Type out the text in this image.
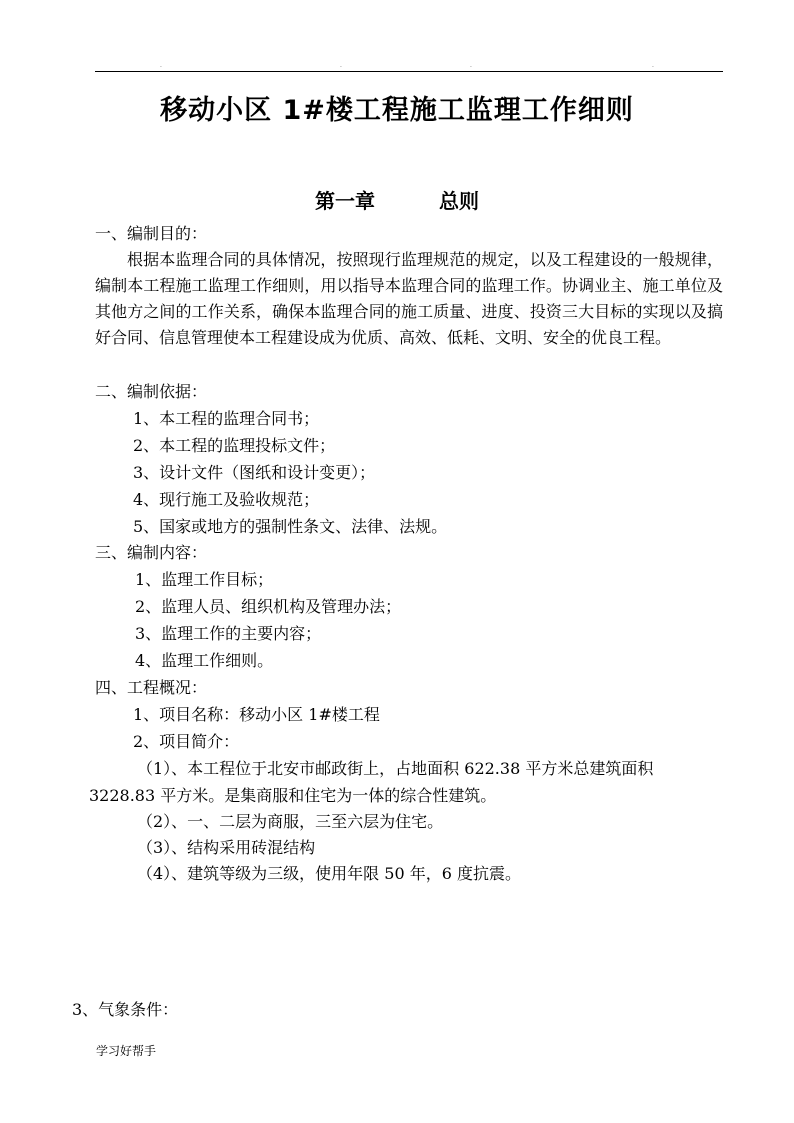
.	.	.	.
移动小区 1#楼工程施工监理工作细则
第一章	总则
一、编制目的：
根据本监理合同的具体情况，按照现行监理规范的规定，以及工程建设的一般规律，编制本工程施工监理工作细则，用以指导本监理合同的监理工作。协调业主、施工单位及其他方之间的工作关系，确保本监理合同的施工质量、进度、投资三大目标的实现以及搞好合同、信息管理使本工程建设成为优质、高效、低耗、文明、安全的优良工程。
二、编制依据：
1、本工程的监理合同书；
2、本工程的监理投标文件；
3、设计文件（图纸和设计变更）；
4、现行施工及验收规范；
5、国家或地方的强制性条文、法律、法规。
三、编制内容：
1、监理工作目标；
2、监理人员、组织机构及管理办法；
3、监理工作的主要内容；
4、监理工作细则。
四、工程概况：
1、项目名称：移动小区 1#楼工程
2、项目简介：
（1）、本工程位于北安市邮政街上，占地面积 622.38 平方米总建筑面积
3228.83 平方米。是集商服和住宅为一体的综合性建筑。
（2）、一、二层为商服，三至六层为住宅。
（3）、结构采用砖混结构
（4）、建筑等级为三级，使用年限 50 年，6 度抗震。
3、气象条件：
学习好帮手
